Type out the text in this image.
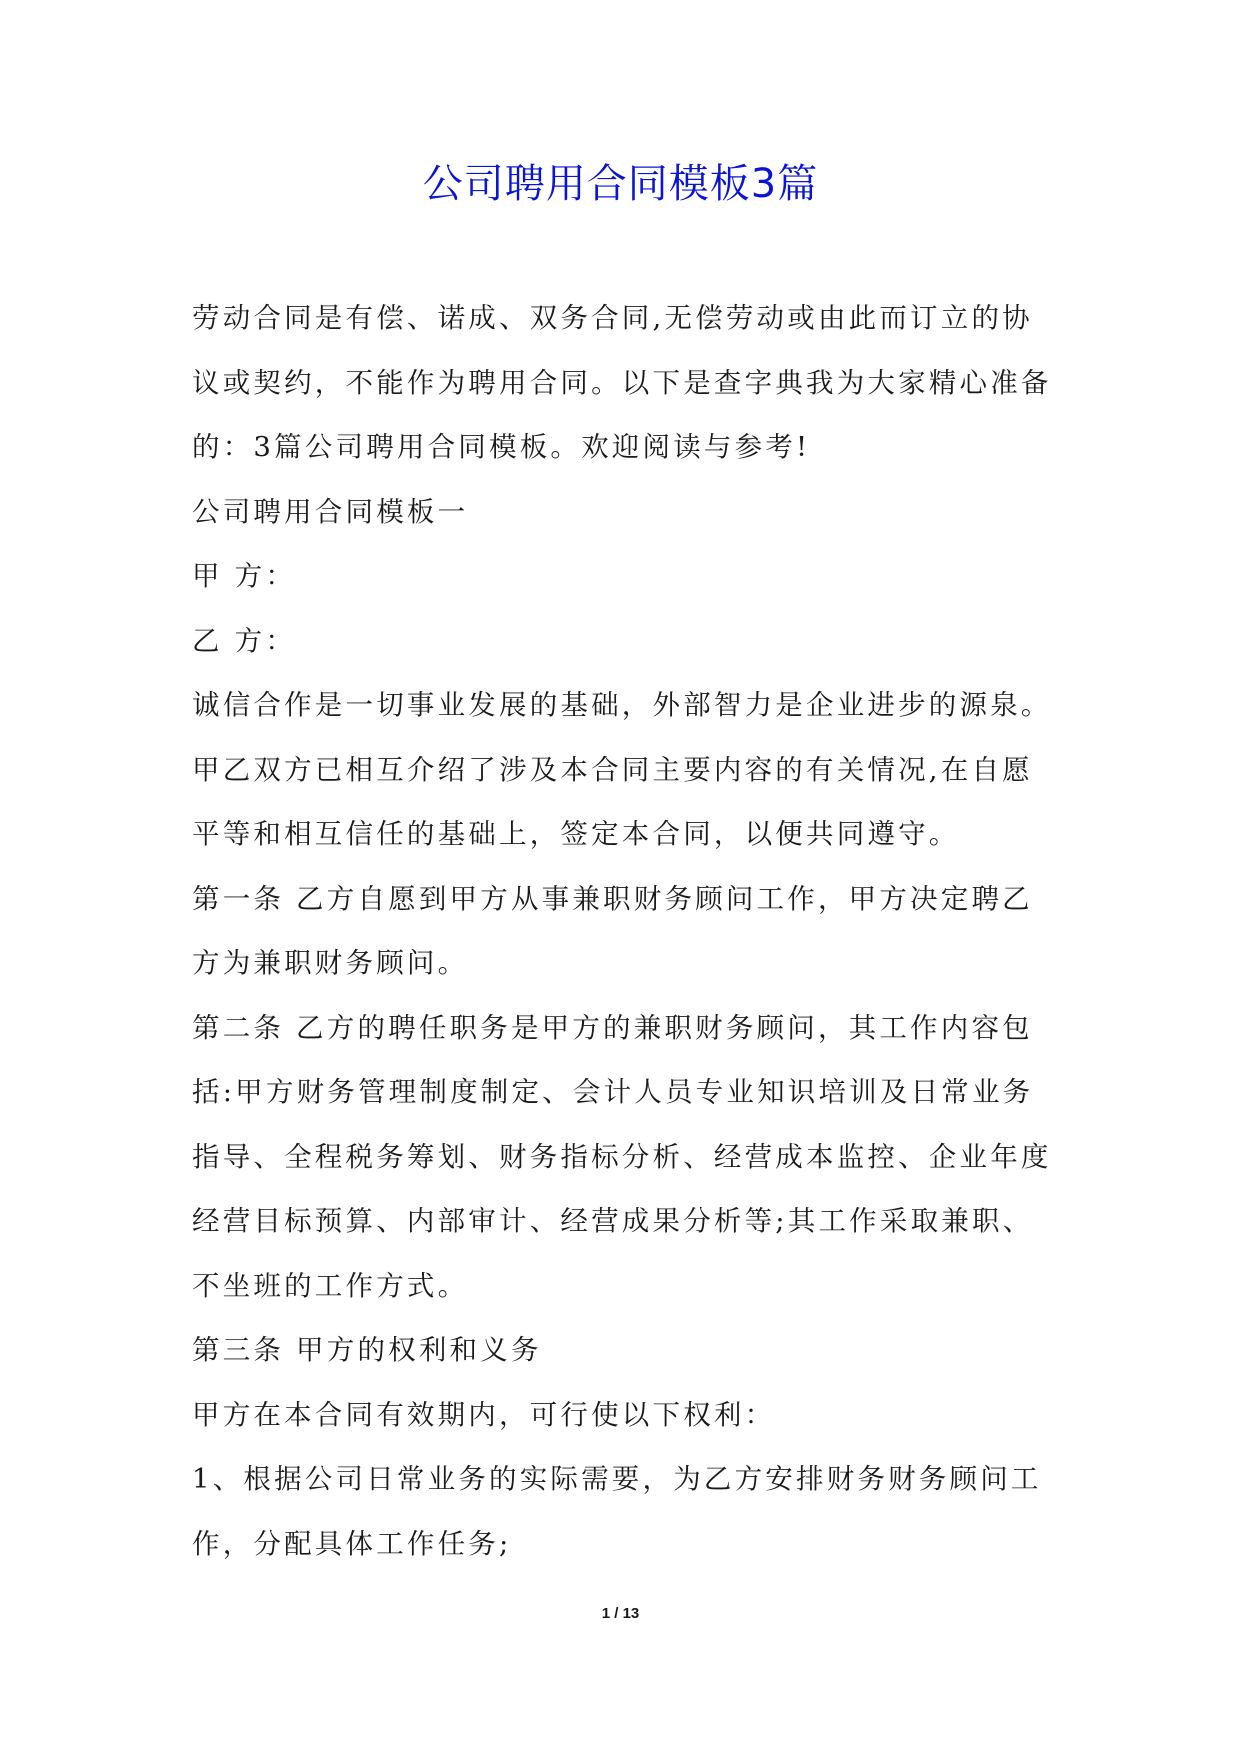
公司聘用合同模板3篇

劳动合同是有偿、诺成、双务合同,无偿劳动或由此而订立的协

议或契约，不能作为聘用合同。以下是查字典我为大家精心准备

的：3篇公司聘用合同模板。欢迎阅读与参考!

公司聘用合同模板一

甲 方：

乙 方：

诚信合作是一切事业发展的基础，外部智力是企业进步的源泉。

甲乙双方已相互介绍了涉及本合同主要内容的有关情况,在自愿

平等和相互信任的基础上，签定本合同，以便共同遵守。

第一条 乙方自愿到甲方从事兼职财务顾问工作，甲方决定聘乙

方为兼职财务顾问。

第二条 乙方的聘任职务是甲方的兼职财务顾问，其工作内容包

括:甲方财务管理制度制定、会计人员专业知识培训及日常业务

指导、全程税务筹划、财务指标分析、经营成本监控、企业年度

经营目标预算、内部审计、经营成果分析等;其工作采取兼职、

不坐班的工作方式。

第三条 甲方的权利和义务

甲方在本合同有效期内，可行使以下权利：

1、根据公司日常业务的实际需要，为乙方安排财务财务顾问工

作，分配具体工作任务;

1 / 13
